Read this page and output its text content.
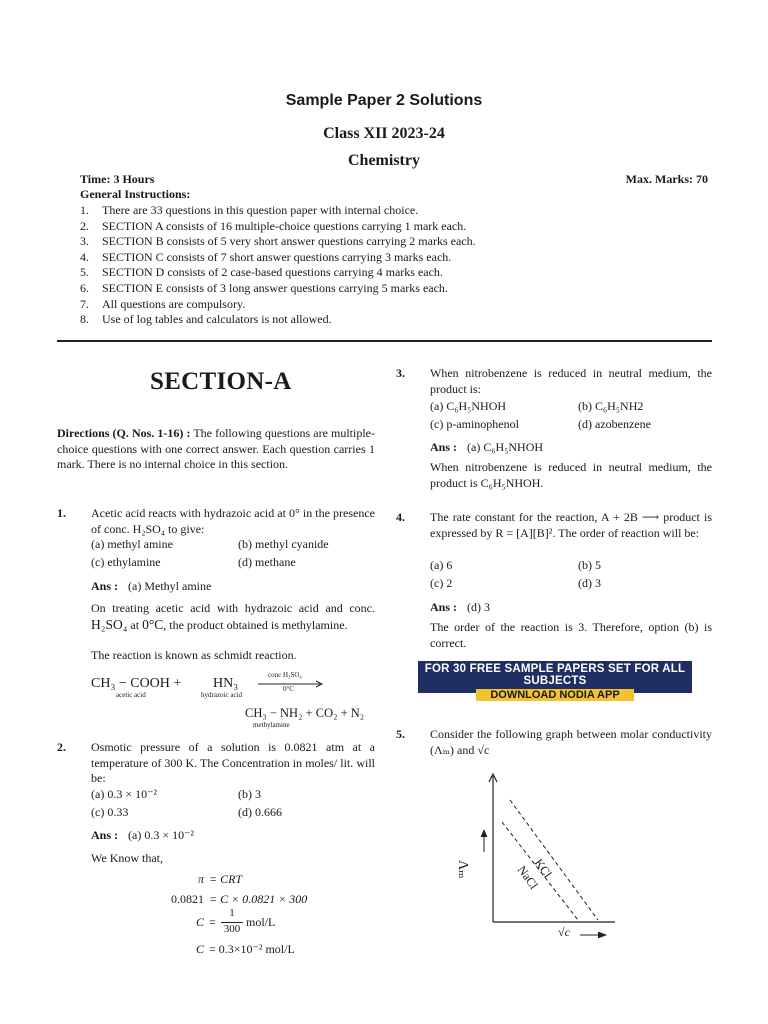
Sample Paper 2 Solutions
Class XII 2023-24
Chemistry
Time: 3 Hours	Max. Marks: 70
General Instructions:
1.	There are 33 questions in this question paper with internal choice.
2.	SECTION A consists of 16 multiple-choice questions carrying 1 mark each.
3.	SECTION B consists of 5 very short answer questions carrying 2 marks each.
4.	SECTION C consists of 7 short answer questions carrying 3 marks each.
5.	SECTION D consists of 2 case-based questions carrying 4 marks each.
6.	SECTION E consists of 3 long answer questions carrying 5 marks each.
7.	All questions are compulsory.
8.	Use of log tables and calculators is not allowed.
SECTION-A
Directions (Q. Nos. 1-16) : The following questions are multiple-choice questions with one correct answer. Each question carries 1 mark. There is no internal choice in this section.
1. Acetic acid reacts with hydrazoic acid at 0° in the presence of conc. H₂SO₄ to give:
(a) methyl amine	(b) methyl cyanide
(c) ethylamine	(d) methane
Ans : (a) Methyl amine
On treating acetic acid with hydrazoic acid and conc. H₂SO₄ at 0°C, the product obtained is methylamine.
The reaction is known as schmidt reaction.
CH₃ − COOH + HN₃
acetic acid	hydrazoic acid
conc H₂SO₄
0°C
CH₃ − NH₂ + CO₂ + N₂
methylamine
2. Osmotic pressure of a solution is 0.0821 atm at a temperature of 300 K. The Concentration in moles/ lit. will be:
(a) 0.3 × 10⁻²	(b) 3
(c) 0.33	(d) 0.666
Ans : (a) 0.3 × 10⁻²
We Know that,
π = CRT
0.0821 = C × 0.0821 × 300
C =
1
300 mol/L
C = 0.3×10⁻² mol/L
3. When nitrobenzene is reduced in neutral medium, the product is:
(a) C₆H₅NHOH	(b) C₆H₅NH2
(c) p-aminophenol	(d) azobenzene
Ans : (a) C₆H₅NHOH
When nitrobenzene is reduced in neutral medium, the product is C₆H₅NHOH.
4. The rate constant for the reaction, A + 2B ⟶ product is expressed by R = [A][B]². The order of reaction will be:
(a) 6	(b) 5
(c) 2	(d) 3
Ans : (d) 3
The order of the reaction is 3. Therefore, option (b) is correct.
FOR 30 FREE SAMPLE PAPERS SET FOR ALL SUBJECTS
DOWNLOAD NODIA APP
5. Consider the following graph between molar conductivity (Λₘ) and √c
Λₘ
√c
KCl
NaCl
